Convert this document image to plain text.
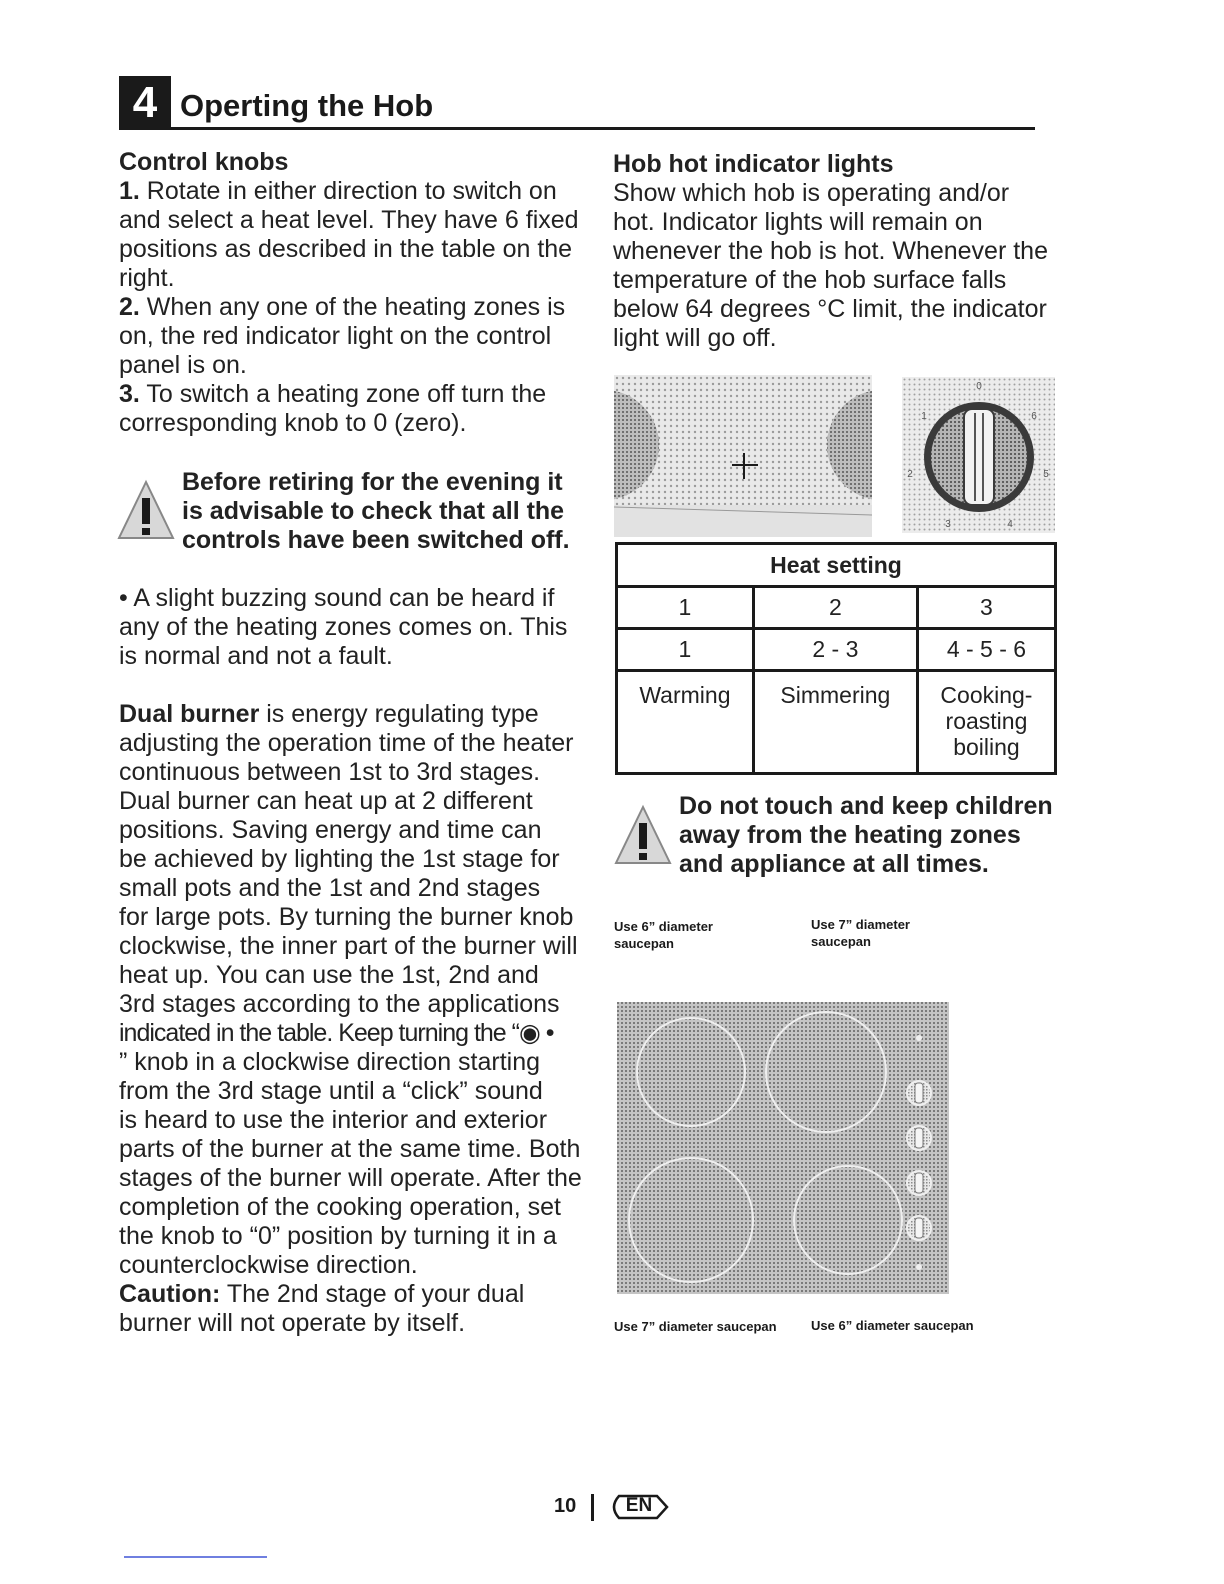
4 Operting the Hob
Control knobs
1. Rotate in either direction to switch on
and select a heat level. They have 6 fixed
positions as described in the table on the
right.
2. When any one of the heating zones is
on, the red indicator light on the control
panel is on.
3. To switch a heating zone off turn the
corresponding knob to 0 (zero).
Before retiring for the evening it
is advisable to check that all the
controls have been switched off.
• A slight buzzing sound can be heard if
any of the heating zones comes on. This
is normal and not a fault.
Dual burner is energy regulating type
adjusting the operation time of the heater
continuous between 1st to 3rd stages.
Dual burner can heat up at 2 different
positions. Saving energy and time can
be achieved by lighting the 1st stage for
small pots and the 1st and 2nd stages
for large pots. By turning the burner knob
clockwise, the inner part of the burner will
heat up. You can use the 1st, 2nd and
3rd stages according to the applications
indicated in the table. Keep turning the “◉ •
” knob in a clockwise direction starting
from the 3rd stage until a “click” sound
is heard to use the interior and exterior
parts of the burner at the same time. Both
stages of the burner will operate. After the
completion of the cooking operation, set
the knob to “0” position by turning it in a
counterclockwise direction.
Caution: The 2nd stage of your dual
burner will not operate by itself.
Hob hot indicator lights
Show which hob is operating and/or
hot. Indicator lights will remain on
whenever the hob is hot. Whenever the
temperature of the hob surface falls
below 64 degrees °C limit, the indicator
light will go off.
0
1
2
3	4
5
6
Heat setting		
1	2	3
1	2 - 3	4 - 5 - 6
Warming	Simmering	Cooking-
roasting
boiling
Do not touch and keep children
away from the heating zones
and appliance at all times.
Use 6” diameter
saucepan
Use 7” diameter
saucepan
Use 7” diameter saucepan	Use 6” diameter saucepan
10	EN
